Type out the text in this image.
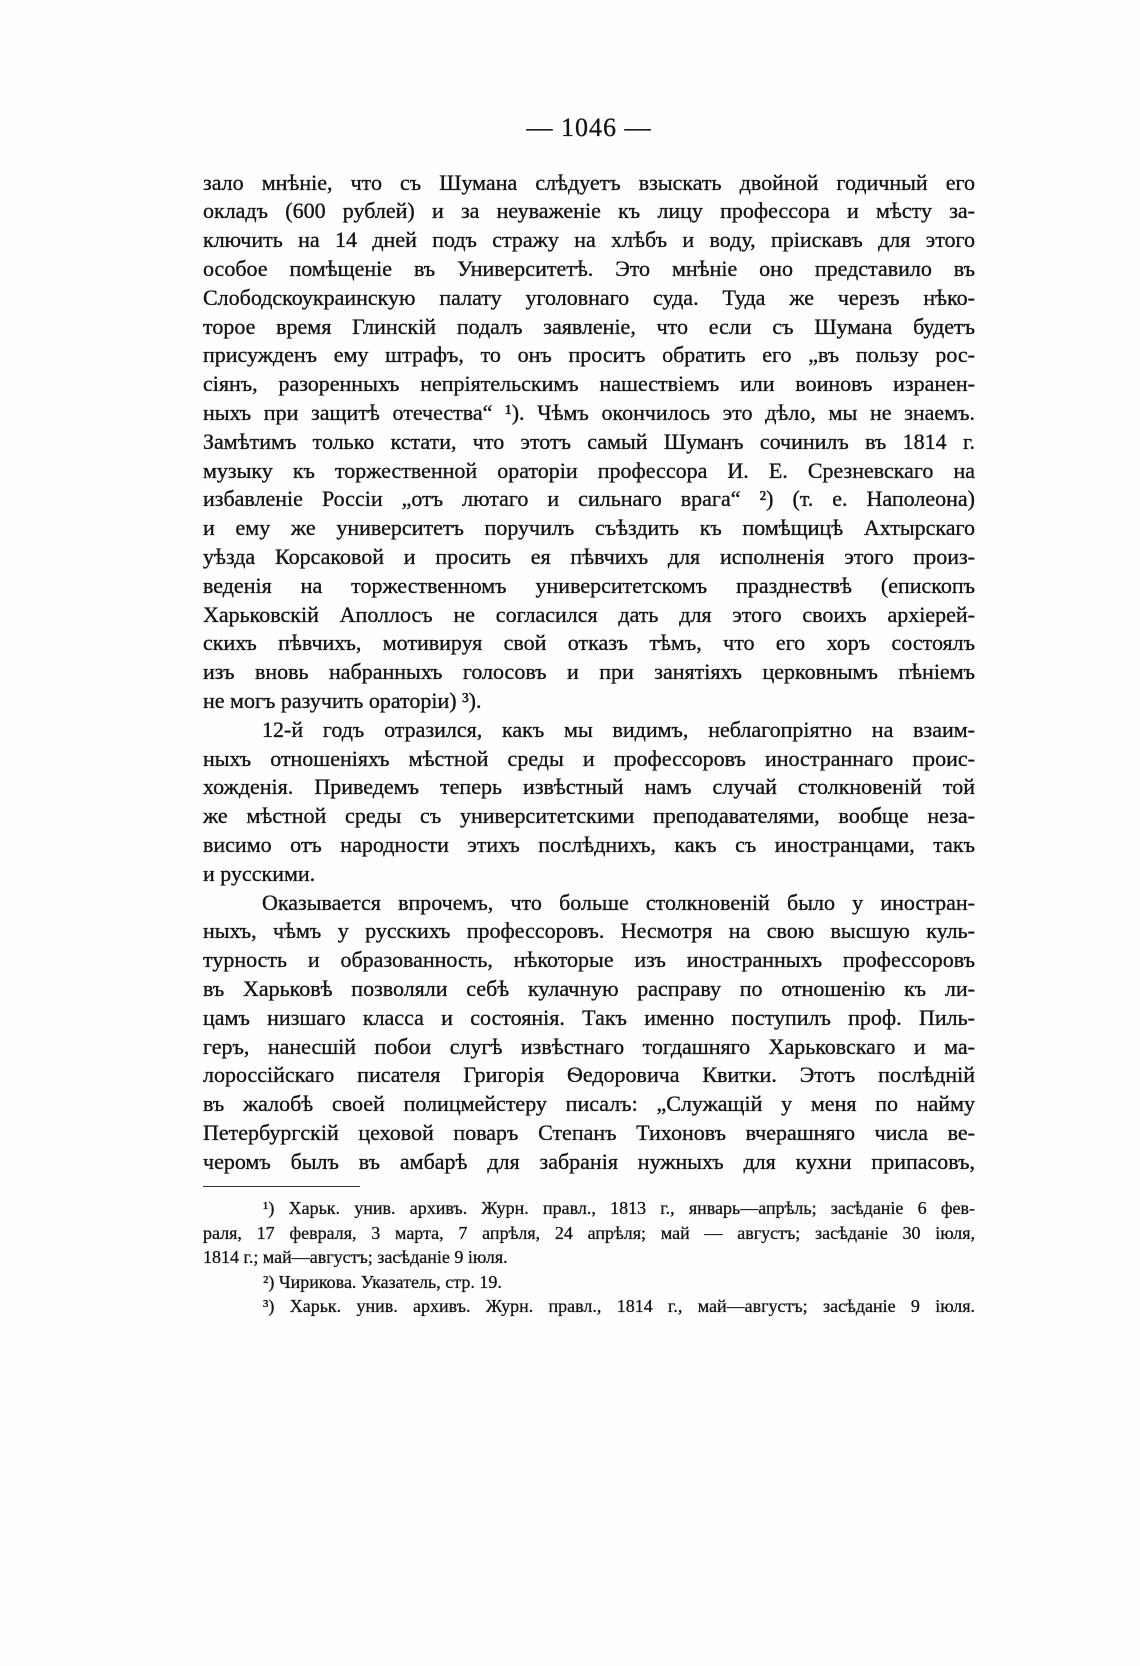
— 1046 —
зало мнѣніе, что съ Шумана слѣдуетъ взыскать двойной годичный его
окладъ (600 рублей) и за неуваженіе къ лицу профессора и мѣсту за-
ключить на 14 дней подъ стражу на хлѣбъ и воду, пріискавъ для этого
особое помѣщеніе въ Университетѣ. Это мнѣніе оно представило въ
Слободскоукраинскую палату уголовнаго суда. Туда же черезъ нѣко-
торое время Глинскій подалъ заявленіе, что если съ Шумана будетъ
присужденъ ему штрафъ, то онъ проситъ обратить его „въ пользу рос-
сіянъ, разоренныхъ непріятельскимъ нашествіемъ или воиновъ изранен-
ныхъ при защитѣ отечества“ ¹). Чѣмъ окончилось это дѣло, мы не знаемъ.
Замѣтимъ только кстати, что этотъ самый Шуманъ сочинилъ въ 1814 г.
музыку къ торжественной ораторіи профессора И. Е. Срезневскаго на
избавленіе Россіи „отъ лютаго и сильнаго врага“ ²) (т. е. Наполеона)
и ему же университетъ поручилъ съѣздить къ помѣщицѣ Ахтырскаго
уѣзда Корсаковой и просить ея пѣвчихъ для исполненія этого произ-
веденія на торжественномъ университетскомъ празднествѣ (епископъ
Харьковскій Аполлосъ не согласился дать для этого своихъ архіерей-
скихъ пѣвчихъ, мотивируя свой отказъ тѣмъ, что его хоръ состоялъ
изъ вновь набранныхъ голосовъ и при занятіяхъ церковнымъ пѣніемъ
не могъ разучить ораторіи) ³).
12-й годъ отразился, какъ мы видимъ, неблагопріятно на взаим-
ныхъ отношеніяхъ мѣстной среды и профессоровъ иностраннаго проис-
хожденія. Приведемъ теперь извѣстный намъ случай столкновеній той
же мѣстной среды съ университетскими преподавателями, вообще неза-
висимо отъ народности этихъ послѣднихъ, какъ съ иностранцами, такъ
и русскими.
Оказывается впрочемъ, что больше столкновеній было у иностран-
ныхъ, чѣмъ у русскихъ профессоровъ. Несмотря на свою высшую куль-
турность и образованность, нѣкоторые изъ иностранныхъ профессоровъ
въ Харьковѣ позволяли себѣ кулачную расправу по отношенію къ ли-
цамъ низшаго класса и состоянія. Такъ именно поступилъ проф. Пиль-
геръ, нанесшій побои слугѣ извѣстнаго тогдашняго Харьковскаго и ма-
лороссійскаго писателя Григорія Ѳедоровича Квитки. Этотъ послѣдній
въ жалобѣ своей полицмейстеру писалъ: „Служащій у меня по найму
Петербургскій цеховой поваръ Степанъ Тихоновъ вчерашняго числа ве-
черомъ былъ въ амбарѣ для забранія нужныхъ для кухни припасовъ,
¹) Харьк. унив. архивъ. Журн. правл., 1813 г., январь—апрѣль; засѣданіе 6 фев-
раля, 17 февраля, 3 марта, 7 апрѣля, 24 апрѣля; май — августъ; засѣданіе 30 іюля,
1814 г.; май—августъ; засѣданіе 9 іюля.
²) Чирикова. Указатель, стр. 19.
³) Харьк. унив. архивъ. Журн. правл., 1814 г., май—августъ; засѣданіе 9 іюля.
